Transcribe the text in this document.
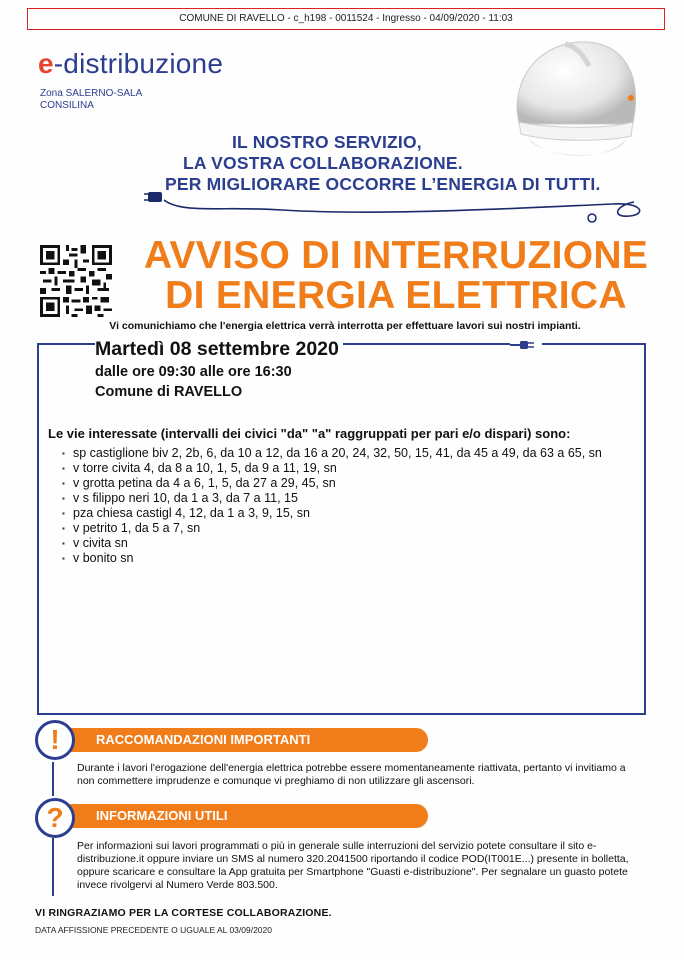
COMUNE DI RAVELLO - c_h198 - 0011524 - Ingresso - 04/09/2020 - 11:03
e-distribuzione
Zona SALERNO-SALA CONSILINA
IL NOSTRO SERVIZIO,
LA VOSTRA COLLABORAZIONE.
PER MIGLIORARE OCCORRE L’ENERGIA DI TUTTI.
AVVISO DI INTERRUZIONE
DI ENERGIA ELETTRICA
Vi comunichiamo che l'energia elettrica verrà interrotta per effettuare lavori sui nostri impianti.
Martedì 08 settembre 2020
dalle ore 09:30 alle ore 16:30
Comune di RAVELLO
Le vie interessate (intervalli dei civici "da" "a" raggruppati per pari e/o dispari) sono:
▪ sp castiglione biv 2, 2b, 6, da 10 a 12, da 16 a 20, 24, 32, 50, 15, 41, da 45 a 49, da 63 a 65, sn
▪ v torre civita 4, da 8 a 10, 1, 5, da 9 a 11, 19, sn
▪ v grotta petina da 4 a 6, 1, 5, da 27 a 29, 45, sn
▪ v s filippo neri 10, da 1 a 3, da 7 a 11, 15
▪ pza chiesa castigl 4, 12, da 1 a 3, 9, 15, sn
▪ v petrito 1, da 5 a 7, sn
▪ v civita sn
▪ v bonito sn
RACCOMANDAZIONI IMPORTANTI
!
Durante i lavori l'erogazione dell'energia elettrica potrebbe essere momentaneamente riattivata, pertanto vi invitiamo a non commettere imprudenze e comunque vi preghiamo di non utilizzare gli ascensori.
INFORMAZIONI UTILI
?
Per informazioni sui lavori programmati o più in generale sulle interruzioni del servizio potete consultare il sito e-distribuzione.it oppure inviare un SMS al numero 320.2041500 riportando il codice POD(IT001E...) presente in bolletta, oppure scaricare e consultare la App gratuita per Smartphone "Guasti e-distribuzione". Per segnalare un guasto potete invece rivolgervi al Numero Verde 803.500.
VI RINGRAZIAMO PER LA CORTESE COLLABORAZIONE.
DATA AFFISSIONE PRECEDENTE O UGUALE AL 03/09/2020
